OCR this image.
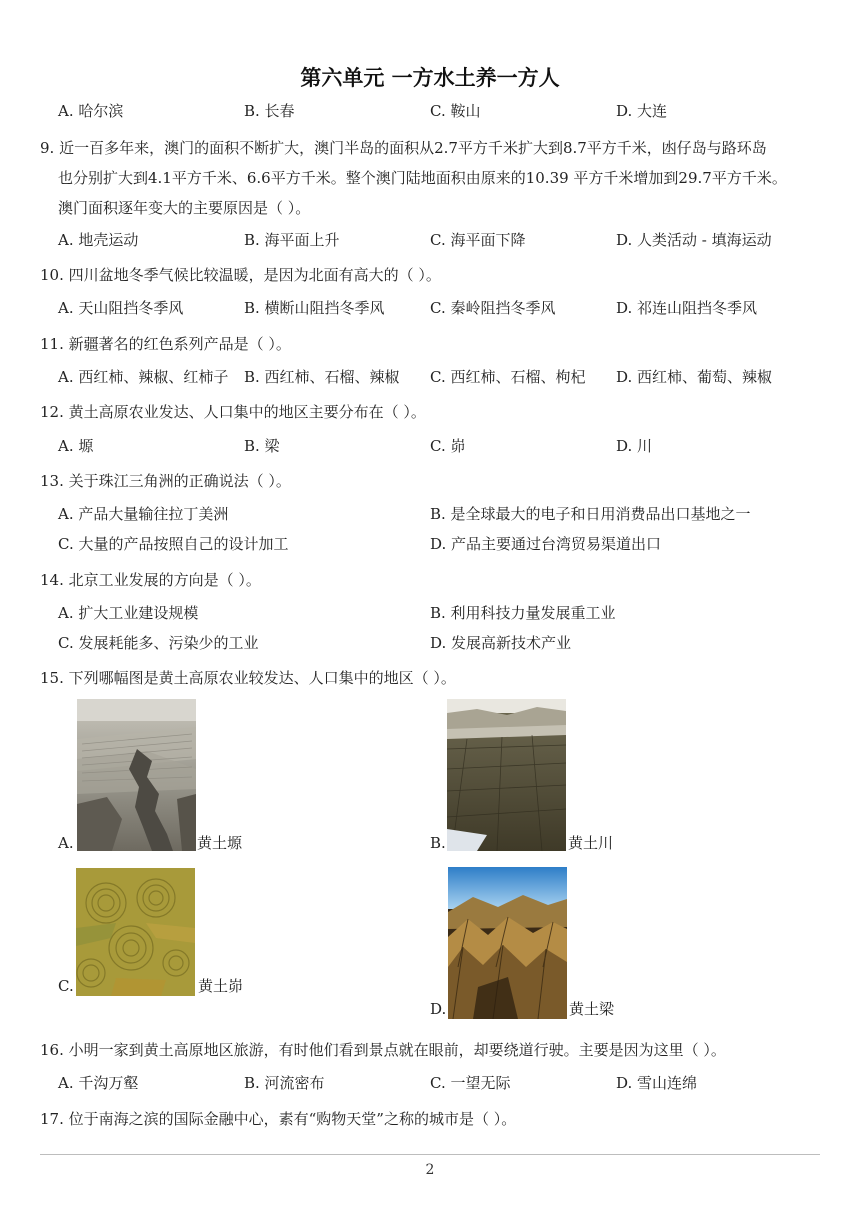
第六单元 一方水土养一方人
A. 哈尔滨	B. 长春	C. 鞍山	D. 大连
9. 近一百多年来，澳门的面积不断扩大，澳门半岛的面积从2.7平方千米扩大到8.7平方千米，凼仔岛与路环岛
也分别扩大到4.1平方千米、6.6平方千米。整个澳门陆地面积由原来的10.39 平方千米增加到29.7平方千米。
澳门面积逐年变大的主要原因是（ ）。
A. 地壳运动	B. 海平面上升	C. 海平面下降	D. 人类活动 - 填海运动
10. 四川盆地冬季气候比较温暖，是因为北面有高大的（ ）。
A. 天山阻挡冬季风	B. 横断山阻挡冬季风	C. 秦岭阻挡冬季风	D. 祁连山阻挡冬季风
11. 新疆著名的红色系列产品是（ ）。
A. 西红柿、辣椒、红柿子 B. 西红柿、石榴、辣椒 C. 西红柿、石榴、枸杞 D. 西红柿、葡萄、辣椒
12. 黄土高原农业发达、人口集中的地区主要分布在（ ）。
A. 塬	B. 梁	C. 峁	D. 川
13. 关于珠江三角洲的正确说法（ ）。
A. 产品大量输往拉丁美洲	B. 是全球最大的电子和日用消费品出口基地之一
C. 大量的产品按照自己的设计加工	D. 产品主要通过台湾贸易渠道出口
14. 北京工业发展的方向是（ ）。
A. 扩大工业建设规模	B. 利用科技力量发展重工业
C. 发展耗能多、污染少的工业	D. 发展高新技术产业
15. 下列哪幅图是黄土高原农业较发达、人口集中的地区（ ）。
A.	黄土塬	B.	黄土川
C.	黄土峁
D.	黄土梁
16. 小明一家到黄土高原地区旅游，有时他们看到景点就在眼前，却要绕道行驶。主要是因为这里（ ）。
A. 千沟万壑	B. 河流密布	C. 一望无际	D. 雪山连绵
17. 位于南海之滨的国际金融中心，素有“购物天堂”之称的城市是（ ）。
2
